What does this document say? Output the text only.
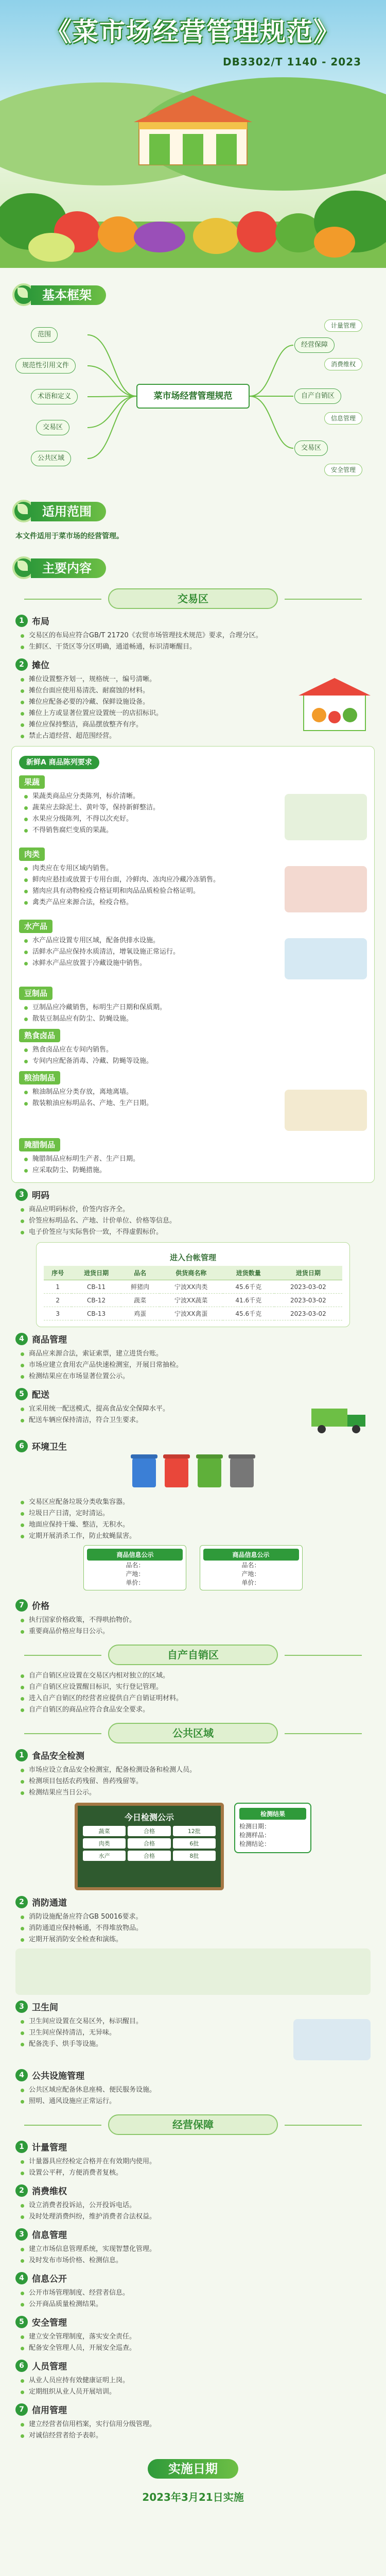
《菜市场经营管理规范》
DB3302/T 1140 - 2023
基本框架
菜市场经营管理规范
范围
规范性引用文件
术语和定义
交易区
公共区域
经营保障
自产自销区
交易区
计量管理
消费维权
信息管理
安全管理
适用范围
本文件适用于菜市场的经营管理。
主要内容
交易区
1 布局
交易区的布局应符合GB/T 21720《农贸市场管理技术规范》要求，合理分区。
生鲜区、干货区等分区明确，通道畅通，标识清晰醒目。
2 摊位
摊位设置整齐划一，规格统一，编号清晰。
摊位台面应使用易清洗、耐腐蚀的材料。
摊位应配备必要的冷藏、保鲜设施设备。
摊位上方或显著位置应设置统一的店招标识。
摊位应保持整洁，商品摆放整齐有序。
禁止占道经营、超范围经营。
新鲜A 商品陈列要求
果蔬
果蔬类商品应分类陈列，标价清晰。
蔬菜应去除泥土、黄叶等，保持新鲜整洁。
水果应分级陈列，不得以次充好。
不得销售腐烂变质的果蔬。
肉类
肉类应在专用区域内销售。
鲜肉应悬挂或放置于专用台面，冷鲜肉、冻肉应冷藏冷冻销售。
猪肉应具有动物检疫合格证明和肉品品质检验合格证明。
禽类产品应来源合法，检疫合格。
水产品
水产品应设置专用区域，配备供排水设施。
活鲜水产品应保持水质清洁，增氧设施正常运行。
冰鲜水产品应放置于冷藏设施中销售。
豆制品
豆制品应冷藏销售，标明生产日期和保质期。
散装豆制品应有防尘、防蝇设施。
熟食卤品
熟食卤品应在专间内销售。
专间内应配备消毒、冷藏、防蝇等设施。
粮油制品
粮油制品应分类存放，离地离墙。
散装粮油应标明品名、产地、生产日期。
腌腊制品
腌腊制品应标明生产者、生产日期。
应采取防尘、防蝇措施。
3 明码
商品应明码标价，价签内容齐全。
价签应标明品名、产地、计价单位、价格等信息。
电子价签应与实际售价一致，不得虚假标价。
进入台帐管理
序号	进货日期	品名	供货商名称	进货数量	进货日期
1	CB-11	鲜猪肉	宁波XX肉类	45.6千克	2023-03-02
2	CB-12	蔬菜	宁波XX蔬菜	41.6千克	2023-03-02
3	CB-13	鸡蛋	宁波XX禽蛋	45.6千克	2023-03-02
4 商品管理
商品应来源合法，索证索票，建立进货台账。
市场应建立食用农产品快速检测室，开展日常抽检。
检测结果应在市场显著位置公示。
5 配送
宜采用统一配送模式，提高食品安全保障水平。
配送车辆应保持清洁，符合卫生要求。
6 环境卫生

交易区应配备垃圾分类收集容器。
垃圾日产日清，定时清运。
地面应保持干燥、整洁，无积水。
定期开展消杀工作，防止蚊蝇鼠害。
商品信息公示
品名：
产地：
单价：

商品信息公示
品名：
产地：
单价：
7 价格
执行国家价格政策，不得哄抬物价。
重要商品价格应每日公示。
自产自销区
自产自销区应设置在交易区内相对独立的区域。
自产自销区应设置醒目标识，实行登记管理。
进入自产自销区的经营者应提供自产自销证明材料。
自产自销区的商品应符合食品安全要求。
公共区域
1 食品安全检测
市场应设立食品安全检测室，配备检测设备和检测人员。
检测项目包括农药残留、兽药残留等。
检测结果应当日公示。
今日检测公示
蔬菜	合格	12批
肉类	合格	6批
水产	合格	8批
检测结果
检测日期：
检测样品：
检测结论：
2 消防通道
消防设施配备应符合GB 50016要求。
消防通道应保持畅通，不得堆放物品。
定期开展消防安全检查和演练。
3 卫生间
卫生间应设置在交易区外，标识醒目。
卫生间应保持清洁，无异味。
配备洗手、烘手等设施。
4 公共设施管理
公共区域应配备休息座椅、便民服务设施。
照明、通风设施应正常运行。
经营保障
1 计量管理
计量器具应经检定合格并在有效期内使用。
设置公平秤，方便消费者复核。
2 消费维权
设立消费者投诉站，公开投诉电话。
及时处理消费纠纷，维护消费者合法权益。
3 信息管理
建立市场信息管理系统，实现智慧化管理。
及时发布市场价格、检测信息。
4 信息公开
公开市场管理制度、经营者信息。
公开商品质量检测结果。
5 安全管理
建立安全管理制度，落实安全责任。
配备安全管理人员，开展安全巡查。
6 人员管理
从业人员应持有效健康证明上岗。
定期组织从业人员开展培训。
7 信用管理
建立经营者信用档案，实行信用分级管理。
对诚信经营者给予表彰。
实施日期
2023年3月21日实施
